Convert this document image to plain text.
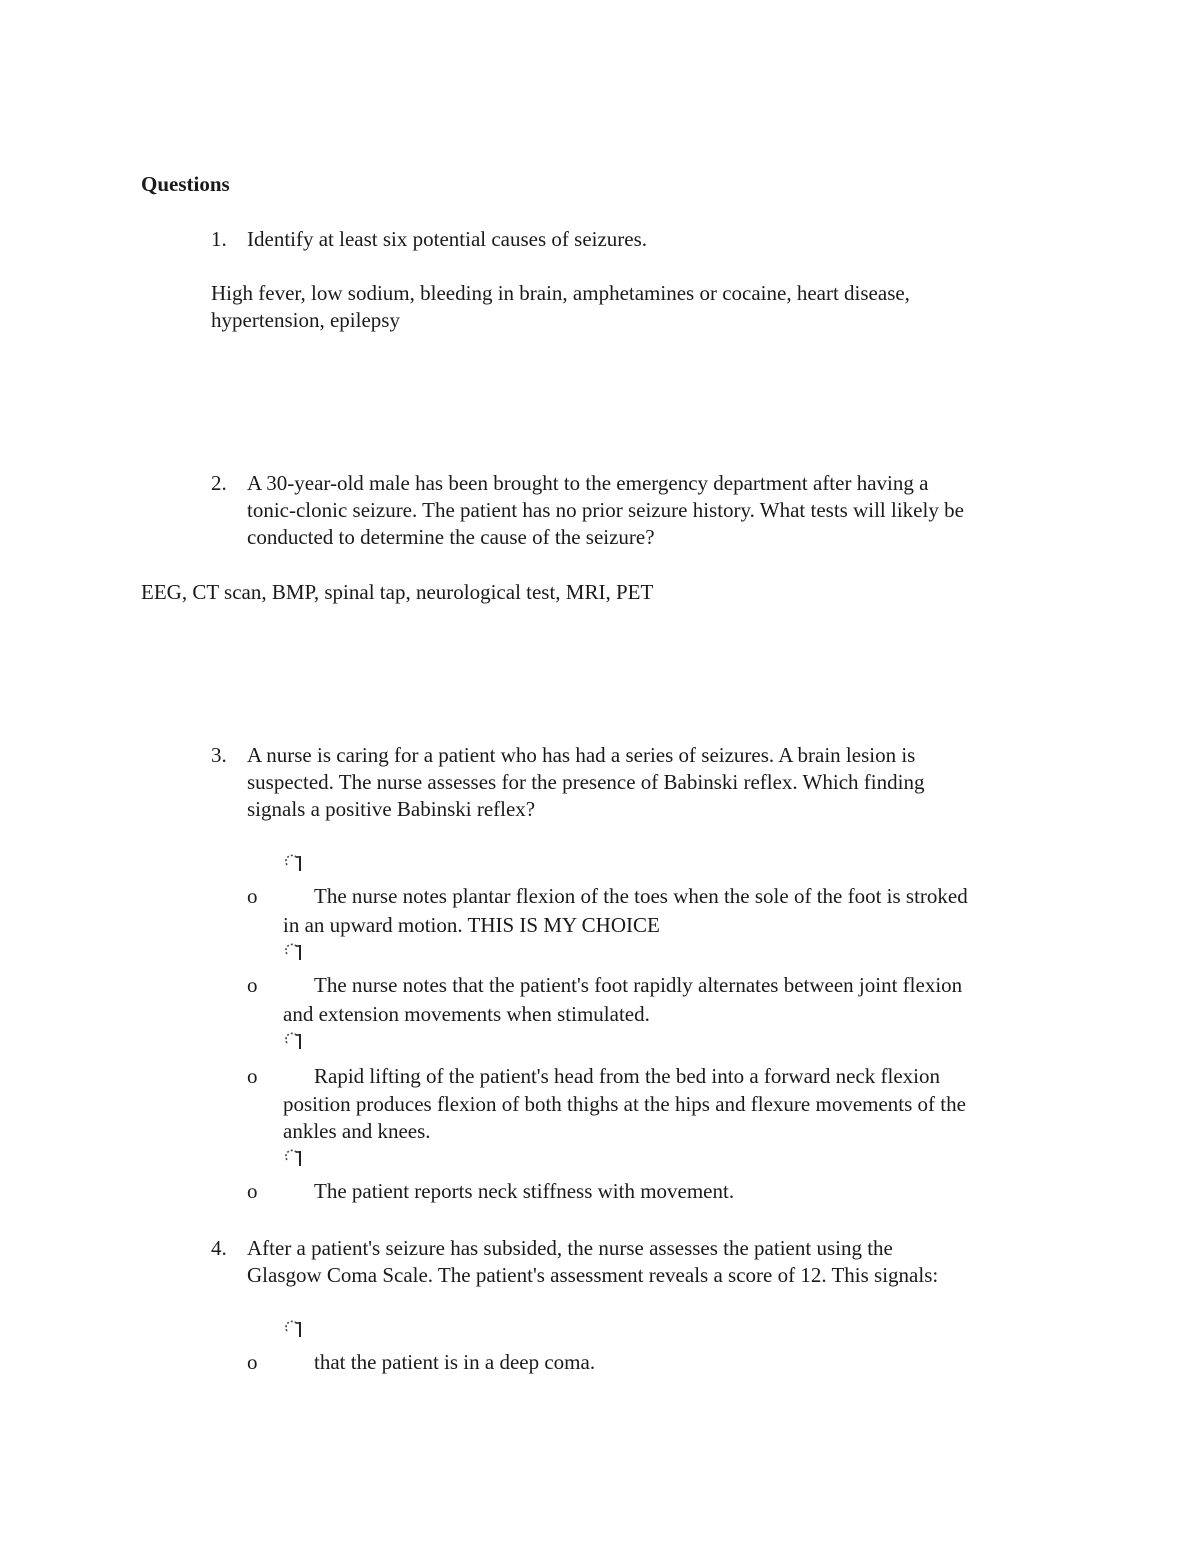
Questions
1. Identify at least six potential causes of seizures.
High fever, low sodium, bleeding in brain, amphetamines or cocaine, heart disease,
hypertension, epilepsy
2. A 30-year-old male has been brought to the emergency department after having a
tonic-clonic seizure. The patient has no prior seizure history. What tests will likely be
conducted to determine the cause of the seizure?
EEG, CT scan, BMP, spinal tap, neurological test, MRI, PET
3. A nurse is caring for a patient who has had a series of seizures. A brain lesion is
suspected. The nurse assesses for the presence of Babinski reflex. Which finding
signals a positive Babinski reflex?
o	The nurse notes plantar flexion of the toes when the sole of the foot is stroked
in an upward motion. THIS IS MY CHOICE
o	The nurse notes that the patient's foot rapidly alternates between joint flexion
and extension movements when stimulated.
o	Rapid lifting of the patient's head from the bed into a forward neck flexion
position produces flexion of both thighs at the hips and flexure movements of the
ankles and knees.
o	The patient reports neck stiffness with movement.
4. After a patient's seizure has subsided, the nurse assesses the patient using the
Glasgow Coma Scale. The patient's assessment reveals a score of 12. This signals:
o	that the patient is in a deep coma.
